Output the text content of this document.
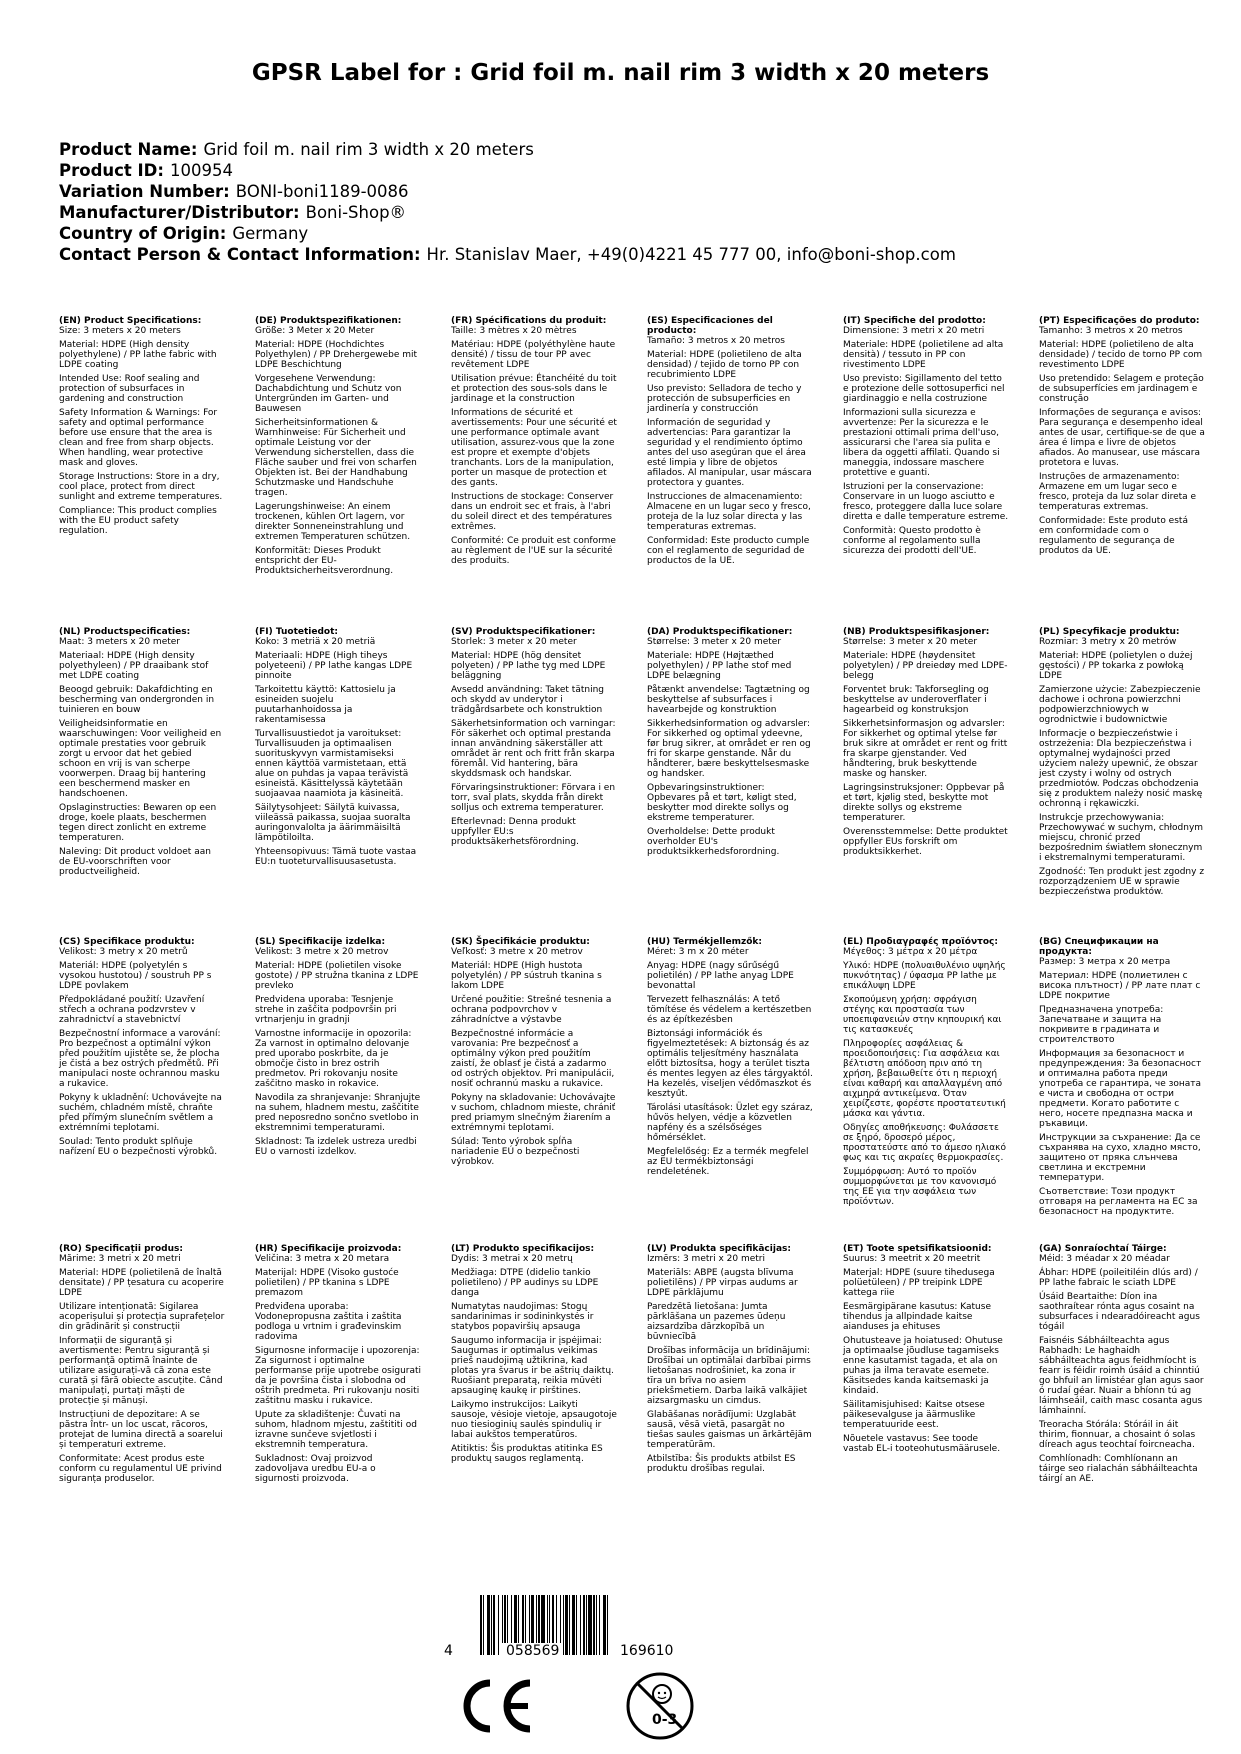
GPSR Label for : Grid foil m. nail rim 3 width x 20 meters
Product Name: Grid foil m. nail rim 3 width x 20 meters
Product ID: 100954
Variation Number: BONI-boni1189-0086
Manufacturer/Distributor: Boni-Shop®
Country of Origin: Germany
Contact Person & Contact Information: Hr. Stanislav Maer, +49(0)4221 45 777 00, info@boni-shop.com
(EN) Product Specifications:

Size: 3 meters x 20 meters

Material: HDPE (High density polyethylene) / PP lathe fabric with LDPE coating

Intended Use: Roof sealing and protection of subsurfaces in gardening and construction

Safety Information & Warnings: For safety and optimal performance before use ensure that the area is clean and free from sharp objects. When handling, wear protective mask and gloves.

Storage Instructions: Store in a dry, cool place, protect from direct sunlight and extreme temperatures.

Compliance: This product complies with the EU product safety regulation.

(DE) Produktspezifikationen:

Größe: 3 Meter x 20 Meter

Material: HDPE (Hochdichtes Polyethylen) / PP Drehergewebe mit LDPE Beschichtung

Vorgesehene Verwendung: Dachabdichtung und Schutz von Untergründen im Garten- und Bauwesen

Sicherheitsinformationen & Warnhinweise: Für Sicherheit und optimale Leistung vor der Verwendung sicherstellen, dass die Fläche sauber und frei von scharfen Objekten ist. Bei der Handhabung Schutzmaske und Handschuhe tragen.

Lagerungshinweise: An einem trockenen, kühlen Ort lagern, vor direkter Sonneneinstrahlung und extremen Temperaturen schützen.

Konformität: Dieses Produkt entspricht der EU-Produktsicherheitsverordnung.

(FR) Spécifications du produit:

Taille: 3 mètres x 20 mètres

Matériau: HDPE (polyéthylène haute densité) / tissu de tour PP avec revêtement LDPE

Utilisation prévue: Étanchéité du toit et protection des sous-sols dans le jardinage et la construction

Informations de sécurité et avertissements: Pour une sécurité et une performance optimale avant utilisation, assurez-vous que la zone est propre et exempte d'objets tranchants. Lors de la manipulation, porter un masque de protection et des gants.

Instructions de stockage: Conserver dans un endroit sec et frais, à l'abri du soleil direct et des températures extrêmes.

Conformité: Ce produit est conforme au règlement de l'UE sur la sécurité des produits.

(ES) Especificaciones del producto:

Tamaño: 3 metros x 20 metros

Material: HDPE (polietileno de alta densidad) / tejido de torno PP con recubrimiento LDPE

Uso previsto: Selladora de techo y protección de subsuperficies en jardinería y construcción

Información de seguridad y advertencias: Para garantizar la seguridad y el rendimiento óptimo antes del uso asegúran que el área esté limpia y libre de objetos afilados. Al manipular, usar máscara protectora y guantes.

Instrucciones de almacenamiento: Almacene en un lugar seco y fresco, proteja de la luz solar directa y las temperaturas extremas.

Conformidad: Este producto cumple con el reglamento de seguridad de productos de la UE.

(IT) Specifiche del prodotto:

Dimensione: 3 metri x 20 metri

Materiale: HDPE (polietilene ad alta densità) / tessuto in PP con rivestimento LDPE

Uso previsto: Sigillamento del tetto e protezione delle sottosuperfici nel giardinaggio e nella costruzione

Informazioni sulla sicurezza e avvertenze: Per la sicurezza e le prestazioni ottimali prima dell'uso, assicurarsi che l'area sia pulita e libera da oggetti affilati. Quando si maneggia, indossare maschere protettive e guanti.

Istruzioni per la conservazione: Conservare in un luogo asciutto e fresco, proteggere dalla luce solare diretta e dalle temperature estreme.

Conformità: Questo prodotto è conforme al regolamento sulla sicurezza dei prodotti dell'UE.

(PT) Especificações do produto:

Tamanho: 3 metros x 20 metros

Material: HDPE (polietileno de alta densidade) / tecido de torno PP com revestimento LDPE

Uso pretendido: Selagem e proteção de subsuperfícies em jardinagem e construção

Informações de segurança e avisos: Para segurança e desempenho ideal antes de usar, certifique-se de que a área é limpa e livre de objetos afiados. Ao manusear, use máscara protetora e luvas.

Instruções de armazenamento: Armazene em um lugar seco e fresco, proteja da luz solar direta e temperaturas extremas.

Conformidade: Este produto está em conformidade com o regulamento de segurança de produtos da UE.

(NL) Productspecificaties:

Maat: 3 meters x 20 meter

Materiaal: HDPE (High density polyethyleen) / PP draaibank stof met LDPE coating

Beoogd gebruik: Dakafdichting en bescherming van ondergronden in tuinieren en bouw

Veiligheidsinformatie en waarschuwingen: Voor veiligheid en optimale prestaties voor gebruik zorgt u ervoor dat het gebied schoon en vrij is van scherpe voorwerpen. Draag bij hantering een beschermend masker en handschoenen.

Opslaginstructies: Bewaren op een droge, koele plaats, beschermen tegen direct zonlicht en extreme temperaturen.

Naleving: Dit product voldoet aan de EU-voorschriften voor productveiligheid.

(FI) Tuotetiedot:

Koko: 3 metriä x 20 metriä

Materiaali: HDPE (High tiheys polyeteeni) / PP lathe kangas LDPE pinnoite

Tarkoitettu käyttö: Kattosielu ja esineiden suojelu puutarhanhoidossa ja rakentamisessa

Turvallisuustiedot ja varoitukset: Turvallisuuden ja optimaalisen suorituskyvyn varmistamiseksi ennen käyttöä varmistetaan, että alue on puhdas ja vapaa terävistä esineistä. Käsittelyssä käytetään suojaavaa naamiota ja käsineitä.

Säilytysohjeet: Säilytä kuivassa, viileässä paikassa, suojaa suoralta auringonvalolta ja äärimmäisiltä lämpötiloilta.

Yhteensopivuus: Tämä tuote vastaa EU:n tuoteturvallisuusasetusta.

(SV) Produktspecifikationer:

Storlek: 3 meter x 20 meter

Material: HDPE (hög densitet polyeten) / PP lathe tyg med LDPE beläggning

Avsedd användning: Taket tätning och skydd av underytor i trädgårdsarbete och konstruktion

Säkerhetsinformation och varningar: För säkerhet och optimal prestanda innan användning säkerställer att området är rent och fritt från skarpa föremål. Vid hantering, bära skyddsmask och handskar.

Förvaringsinstruktioner: Förvara i en torr, sval plats, skydda från direkt solljus och extrema temperaturer.

Efterlevnad: Denna produkt uppfyller EU:s produktsäkerhetsförordning.

(DA) Produktspecifikationer:

Størrelse: 3 meter x 20 meter

Materiale: HDPE (Højtæthed polyethylen) / PP lathe stof med LDPE belægning

Påtænkt anvendelse: Tagtætning og beskyttelse af subsurfaces i havearbejde og konstruktion

Sikkerhedsinformation og advarsler: For sikkerhed og optimal ydeevne, før brug sikrer, at området er ren og fri for skarpe genstande. Når du håndterer, bære beskyttelsesmaske og handsker.

Opbevaringsinstruktioner: Opbevares på et tørt, køligt sted, beskytter mod direkte sollys og ekstreme temperaturer.

Overholdelse: Dette produkt overholder EU's produktsikkerhedsforordning.

(NB) Produktspesifikasjoner:

Størrelse: 3 meter x 20 meter

Materiale: HDPE (høydensitet polyetylen) / PP dreiedøy med LDPE-belegg

Forventet bruk: Takforsegling og beskyttelse av underoverflater i hagearbeid og konstruksjon

Sikkerhetsinformasjon og advarsler: For sikkerhet og optimal ytelse før bruk sikre at området er rent og fritt fra skarpe gjenstander. Ved håndtering, bruk beskyttende maske og hansker.

Lagringsinstruksjoner: Oppbevar på et tørt, kjølig sted, beskytte mot direkte sollys og ekstreme temperaturer.

Overensstemmelse: Dette produktet oppfyller EUs forskrift om produktsikkerhet.

(PL) Specyfikacje produktu:

Rozmiar: 3 metry x 20 metrów

Materiał: HDPE (polietylen o dużej gęstości) / PP tokarka z powłoką LDPE

Zamierzone użycie: Zabezpieczenie dachowe i ochrona powierzchni podpowierzchniowych w ogrodnictwie i budownictwie

Informacje o bezpieczeństwie i ostrzeżenia: Dla bezpieczeństwa i optymalnej wydajności przed użyciem należy upewnić, że obszar jest czysty i wolny od ostrych przedmiotów. Podczas obchodzenia się z produktem należy nosić maskę ochronną i rękawiczki.

Instrukcje przechowywania: Przechowywać w suchym, chłodnym miejscu, chronić przed bezpośrednim światłem słonecznym i ekstremalnymi temperaturami.

Zgodność: Ten produkt jest zgodny z rozporządzeniem UE w sprawie bezpieczeństwa produktów.

(CS) Specifikace produktu:

Velikost: 3 metry x 20 metrů

Materiál: HDPE (polyetylén s vysokou hustotou) / soustruh PP s LDPE povlakem

Předpokládané použití: Uzavření střech a ochrana podzvrstev v zahradnictví a stavebnictví

Bezpečnostní informace a varování: Pro bezpečnost a optimální výkon před použitím ujistěte se, že plocha je čistá a bez ostrých předmětů. Při manipulaci noste ochrannou masku a rukavice.

Pokyny k ukladnění: Uchovávejte na suchém, chladném místě, chraňte před přímým slunečním světlem a extrémními teplotami.

Soulad: Tento produkt splňuje nařízení EU o bezpečnosti výrobků.

(SL) Specifikacije izdelka:

Velikost: 3 metre x 20 metrov

Material: HDPE (polietilen visoke gostote) / PP stružna tkanina z LDPE prevleko

Predvidena uporaba: Tesnjenje strehe in zaščita podpovršin pri vrtnarjenju in gradnji

Varnostne informacije in opozorila: Za varnost in optimalno delovanje pred uporabo poskrbite, da je območje čisto in brez ostrih predmetov. Pri rokovanju nosite zaščitno masko in rokavice.

Navodila za shranjevanje: Shranjujte na suhem, hladnem mestu, zaščitite pred neposredno sončno svetlobo in ekstremnimi temperaturami.

Skladnost: Ta izdelek ustreza uredbi EU o varnosti izdelkov.

(SK) Špecifikácie produktu:

Veľkosť: 3 metre x 20 metrov

Materiál: HDPE (High hustota polyetylén) / PP sústruh tkanina s lakom LDPE

Určené použitie: Strešné tesnenia a ochrana podpovrchov v záhradníctve a výstavbe

Bezpečnostné informácie a varovania: Pre bezpečnosť a optimálny výkon pred použitím zaistí, že oblasť je čistá a zadarmo od ostrých objektov. Pri manipulácii, nosiť ochrannú masku a rukavice.

Pokyny na skladovanie: Uchovávajte v suchom, chladnom mieste, chrániť pred priamym slnečným žiarením a extrémnymi teplotami.

Súlad: Tento výrobok spĺňa nariadenie EÚ o bezpečnosti výrobkov.

(HU) Termékjellemzők:

Méret: 3 m x 20 méter

Anyag: HDPE (nagy sűrűségű polietilén) / PP lathe anyag LDPE bevonattal

Tervezett felhasználás: A tető tömítése és védelem a kertészetben és az építkezésben

Biztonsági információk és figyelmeztetések: A biztonság és az optimális teljesítmény használata előtt biztosítsa, hogy a terület tiszta és mentes legyen az éles tárgyaktól. Ha kezelés, viseljen védőmaszkot és kesztyűt.

Tárolási utasítások: Üzlet egy száraz, hűvös helyen, védje a közvetlen napfény és a szélsőséges hőmérséklet.

Megfelelőség: Ez a termék megfelel az EU termékbiztonsági rendeletének.

(EL) Προδιαγραφές προϊόντος:

Μέγεθος: 3 μέτρα x 20 μέτρα

Υλικό: HDPE (πολυαιθυλένιο υψηλής πυκνότητας) / ύφασμα PP lathe με επικάλυψη LDPE

Σκοπούμενη χρήση: σφράγιση στέγης και προστασία των υποεπιφανειών στην κηπουρική και τις κατασκευές

Πληροφορίες ασφάλειας & προειδοποιήσεις: Για ασφάλεια και βέλτιστη απόδοση πριν από τη χρήση, βεβαιωθείτε ότι η περιοχή είναι καθαρή και απαλλαγμένη από αιχμηρά αντικείμενα. Όταν χειρίζεστε, φορέστε προστατευτική μάσκα και γάντια.

Οδηγίες αποθήκευσης: Φυλάσσετε σε ξηρό, δροσερό μέρος, προστατεύστε από το άμεσο ηλιακό φως και τις ακραίες θερμοκρασίες.

Συμμόρφωση: Αυτό το προϊόν συμμορφώνεται με τον κανονισμό της ΕΕ για την ασφάλεια των προϊόντων.

(BG) Спецификации на продукта:

Размер: 3 метра x 20 метра

Материал: HDPE (полиетилен с висока плътност) / PP лате плат с LDPE покритие

Предназначена употреба: Запечатване и защита на покривите в градината и строителството

Информация за безопасност и предупреждения: За безопасност и оптимална работа преди употреба се гарантира, че зоната е чиста и свободна от остри предмети. Когато работите с него, носете предпазна маска и ръкавици.

Инструкции за съхранение: Да се съхранява на сухо, хладно място, защитено от пряка слънчева светлина и екстремни температури.

Съответствие: Този продукт отговаря на регламента на ЕС за безопасност на продуктите.

(RO) Specificații produs:

Mărime: 3 metri x 20 metri

Material: HDPE (polietilenă de înaltă densitate) / PP țesatura cu acoperire LDPE

Utilizare intenționată: Sigilarea acoperișului și protecția suprafețelor din grădinărit și construcții

Informații de siguranță și avertismente: Pentru siguranță și performanță optimă înainte de utilizare asigurați-vă că zona este curată și fără obiecte ascuțite. Când manipulați, purtați măști de protecție și mănuși.

Instrucțiuni de depozitare: A se păstra într- un loc uscat, răcoros, protejat de lumina directă a soarelui și temperaturi extreme.

Conformitate: Acest produs este conform cu regulamentul UE privind siguranța produselor.

(HR) Specifikacije proizvoda:

Veličina: 3 metra x 20 metara

Materijal: HDPE (Visoko gustoće polietilen) / PP tkanina s LDPE premazom

Predviđena uporaba: Vodonepropusna zaštita i zaštita podloga u vrtnim i građevinskim radovima

Sigurnosne informacije i upozorenja: Za sigurnost i optimalne performanse prije upotrebe osigurati da je površina čista i slobodna od oštrih predmeta. Pri rukovanju nositi zaštitnu masku i rukavice.

Upute za skladištenje: Čuvati na suhom, hladnom mjestu, zaštititi od izravne sunčeve svjetlosti i ekstremnih temperatura.

Sukladnost: Ovaj proizvod zadovoljava uredbu EU-a o sigurnosti proizvoda.

(LT) Produkto specifikacijos:

Dydis: 3 metrai x 20 metrų

Medžiaga: DTPE (didelio tankio polietileno) / PP audinys su LDPE danga

Numatytas naudojimas: Stogų sandarinimas ir sodininkystės ir statybos popaviršių apsauga

Saugumo informacija ir įspėjimai: Saugumas ir optimalus veikimas prieš naudojimą užtikrina, kad plotas yra švarus ir be aštrių daiktų. Ruošiant preparatą, reikia mūvėti apsauginę kaukę ir pirštines.

Laikymo instrukcijos: Laikyti sausoje, vėsioje vietoje, apsaugotoje nuo tiesioginių saulės spindulių ir labai aukštos temperatūros.

Atitiktis: Šis produktas atitinka ES produktų saugos reglamentą.

(LV) Produkta specifikācijas:

Izmērs: 3 metri x 20 metri

Materiāls: ABPE (augsta blīvuma polietilēns) / PP virpas audums ar LDPE pārklājumu

Paredzētā lietošana: Jumta pārklāšana un pazemes ūdeņu aizsardzība dārzkopībā un būvniecībā

Drošības informācija un brīdinājumi: Drošībai un optimālai darbībai pirms lietošanas nodrošiniet, ka zona ir tīra un brīva no asiem priekšmetiem. Darba laikā valkājiet aizsargmasku un cimdus.

Glabāšanas norādījumi: Uzglabāt sausā, vēsā vietā, pasargāt no tiešas saules gaismas un ārkārtējām temperatūrām.

Atbilstība: Šis produkts atbilst ES produktu drošības regulai.

(ET) Toote spetsifikatsioonid:

Suurus: 3 meetrit x 20 meetrit

Materjal: HDPE (suure tihedusega polüetüleen) / PP treipink LDPE kattega riie

Eesmärgipärane kasutus: Katuse tihendus ja allpindade kaitse aianduses ja ehituses

Ohutusteave ja hoiatused: Ohutuse ja optimaalse jõudluse tagamiseks enne kasutamist tagada, et ala on puhas ja ilma teravate esemete. Käsitsedes kanda kaitsemaski ja kindaid.

Säilitamisjuhised: Kaitse otsese päikesevalguse ja äärmuslike temperatuuride eest.

Nõuetele vastavus: See toode vastab EL-i tooteohutusmäärusele.

(GA) Sonraíochtaí Táirge:

Méid: 3 méadar x 20 méadar

Ábhar: HDPE (poileitiléin dlús ard) / PP lathe fabraic le sciath LDPE

Úsáid Beartaithe: Díon ina saothraítear rónta agus cosaint na subsurfaces i ndearadóireacht agus tógáil

Faisnéis Sábháilteachta agus Rabhadh: Le haghaidh sábháilteachta agus feidhmíocht is fearr is féidir roimh úsáid a chinntiú go bhfuil an limistéar glan agus saor ó rudaí géar. Nuair a bhíonn tú ag láimhseáil, caith masc cosanta agus lámhainní.

Treoracha Stórála: Stóráil in áit thirim, fionnuar, a chosaint ó solas díreach agus teochtaí foircneacha.

Comhlíonadh: Comhlíonann an táirge seo rialachán sábháilteachta táirgí an AE.

4	058569	169610
0-3
